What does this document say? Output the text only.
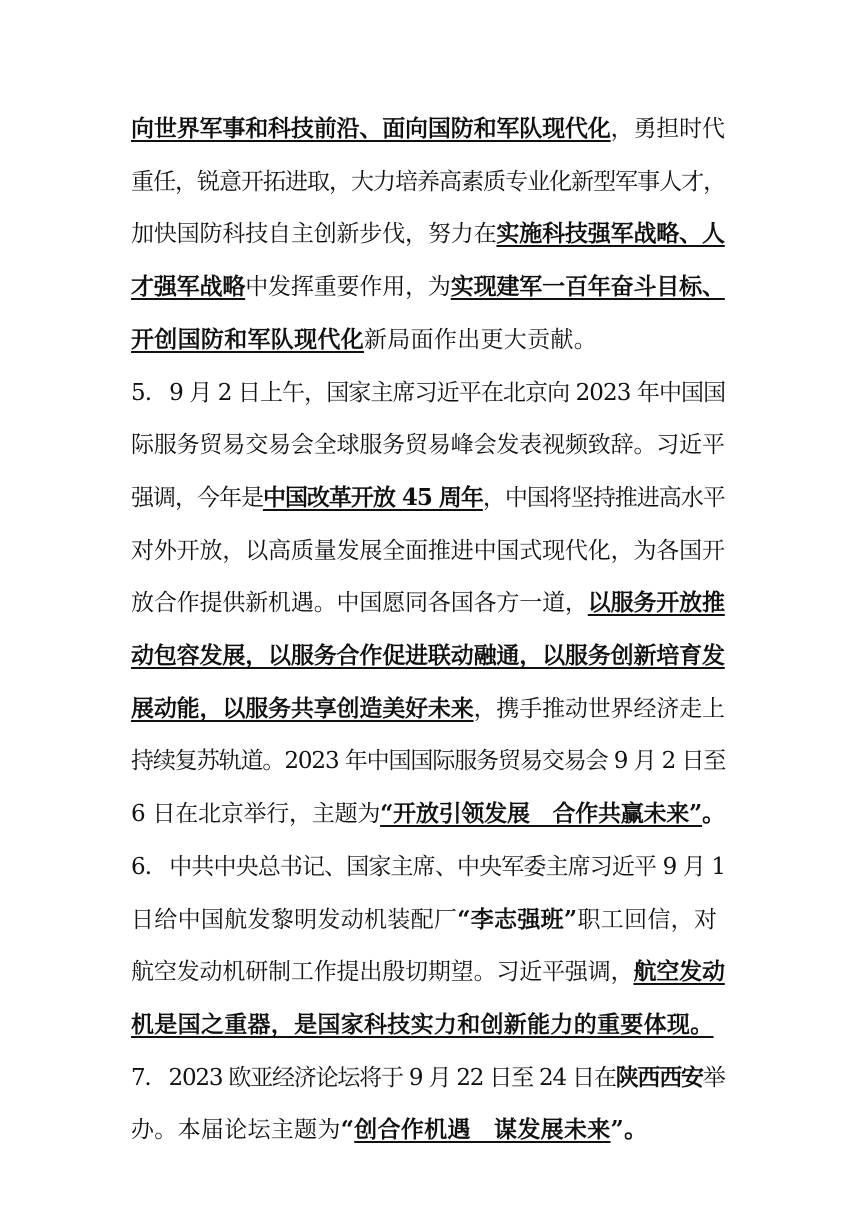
向世界军事和科技前沿、面向国防和军队现代化，勇担时代
重任，锐意开拓进取，大力培养高素质专业化新型军事人才，
加快国防科技自主创新步伐，努力在实施科技强军战略、人
才强军战略中发挥重要作用，为实现建军一百年奋斗目标、
开创国防和军队现代化新局面作出更大贡献。
5. 9 月 2 日上午，国家主席习近平在北京向 2023 年中国国
际服务贸易交易会全球服务贸易峰会发表视频致辞。习近平
强调，今年是中国改革开放 45 周年，中国将坚持推进高水平
对外开放，以高质量发展全面推进中国式现代化，为各国开
放合作提供新机遇。中国愿同各国各方一道，以服务开放推
动包容发展，以服务合作促进联动融通，以服务创新培育发
展动能，以服务共享创造美好未来，携手推动世界经济走上
持续复苏轨道。2023 年中国国际服务贸易交易会 9 月 2 日至
6 日在北京举行，主题为“开放引领发展　合作共赢未来”。
6. 中共中央总书记、国家主席、中央军委主席习近平 9 月 1
日给中国航发黎明发动机装配厂“李志强班”职工回信，对
航空发动机研制工作提出殷切期望。习近平强调，航空发动
机是国之重器，是国家科技实力和创新能力的重要体现。
7. 2023 欧亚经济论坛将于 9 月 22 日至 24 日在陕西西安举
办。本届论坛主题为“创合作机遇　谋发展未来”。
